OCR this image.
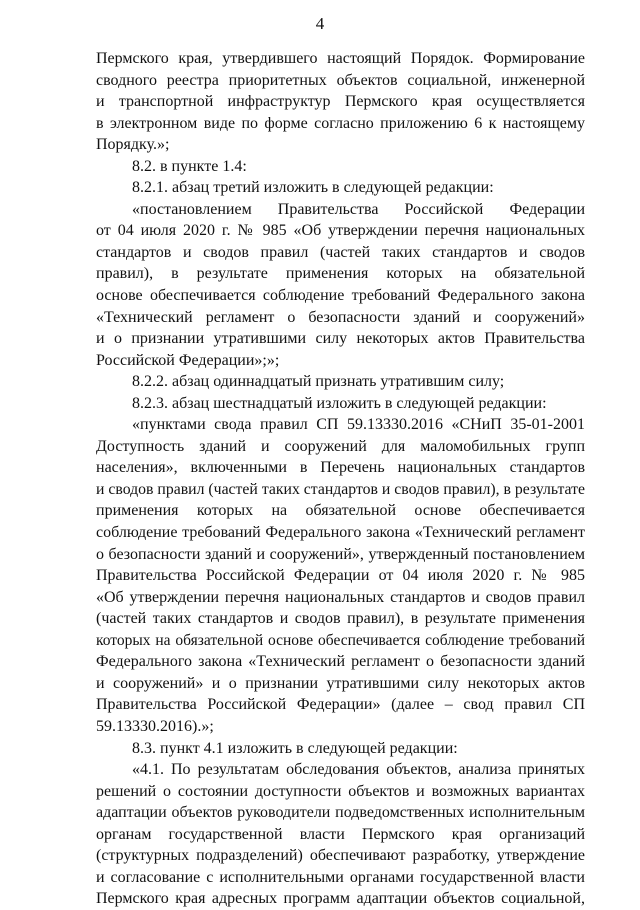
4
Пермского края, утвердившего настоящий Порядок. Формирование
сводного реестра приоритетных объектов социальной, инженерной
и транспортной инфраструктур Пермского края осуществляется
в электронном виде по форме согласно приложению 6 к настоящему
Порядку.»;
8.2. в пункте 1.4:
8.2.1. абзац третий изложить в следующей редакции:
«постановлением Правительства Российской Федерации
от 04 июля 2020 г. № 985 «Об утверждении перечня национальных
стандартов и сводов правил (частей таких стандартов и сводов
правил), в результате применения которых на обязательной
основе обеспечивается соблюдение требований Федерального закона
«Технический регламент о безопасности зданий и сооружений»
и о признании утратившими силу некоторых актов Правительства
Российской Федерации»;»;
8.2.2. абзац одиннадцатый признать утратившим силу;
8.2.3. абзац шестнадцатый изложить в следующей редакции:
«пунктами свода правил СП 59.13330.2016 «СНиП 35-01-2001
Доступность зданий и сооружений для маломобильных групп
населения», включенными в Перечень национальных стандартов
и сводов правил (частей таких стандартов и сводов правил), в результате
применения которых на обязательной основе обеспечивается
соблюдение требований Федерального закона «Технический регламент
о безопасности зданий и сооружений», утвержденный постановлением
Правительства Российской Федерации от 04 июля 2020 г. № 985
«Об утверждении перечня национальных стандартов и сводов правил
(частей таких стандартов и сводов правил), в результате применения
которых на обязательной основе обеспечивается соблюдение требований
Федерального закона «Технический регламент о безопасности зданий
и сооружений» и о признании утратившими силу некоторых актов
Правительства Российской Федерации» (далее – свод правил СП
59.13330.2016).»;
8.3. пункт 4.1 изложить в следующей редакции:
«4.1. По результатам обследования объектов, анализа принятых
решений о состоянии доступности объектов и возможных вариантах
адаптации объектов руководители подведомственных исполнительным
органам государственной власти Пермского края организаций
(структурных подразделений) обеспечивают разработку, утверждение
и согласование с исполнительными органами государственной власти
Пермского края адресных программ адаптации объектов социальной,
